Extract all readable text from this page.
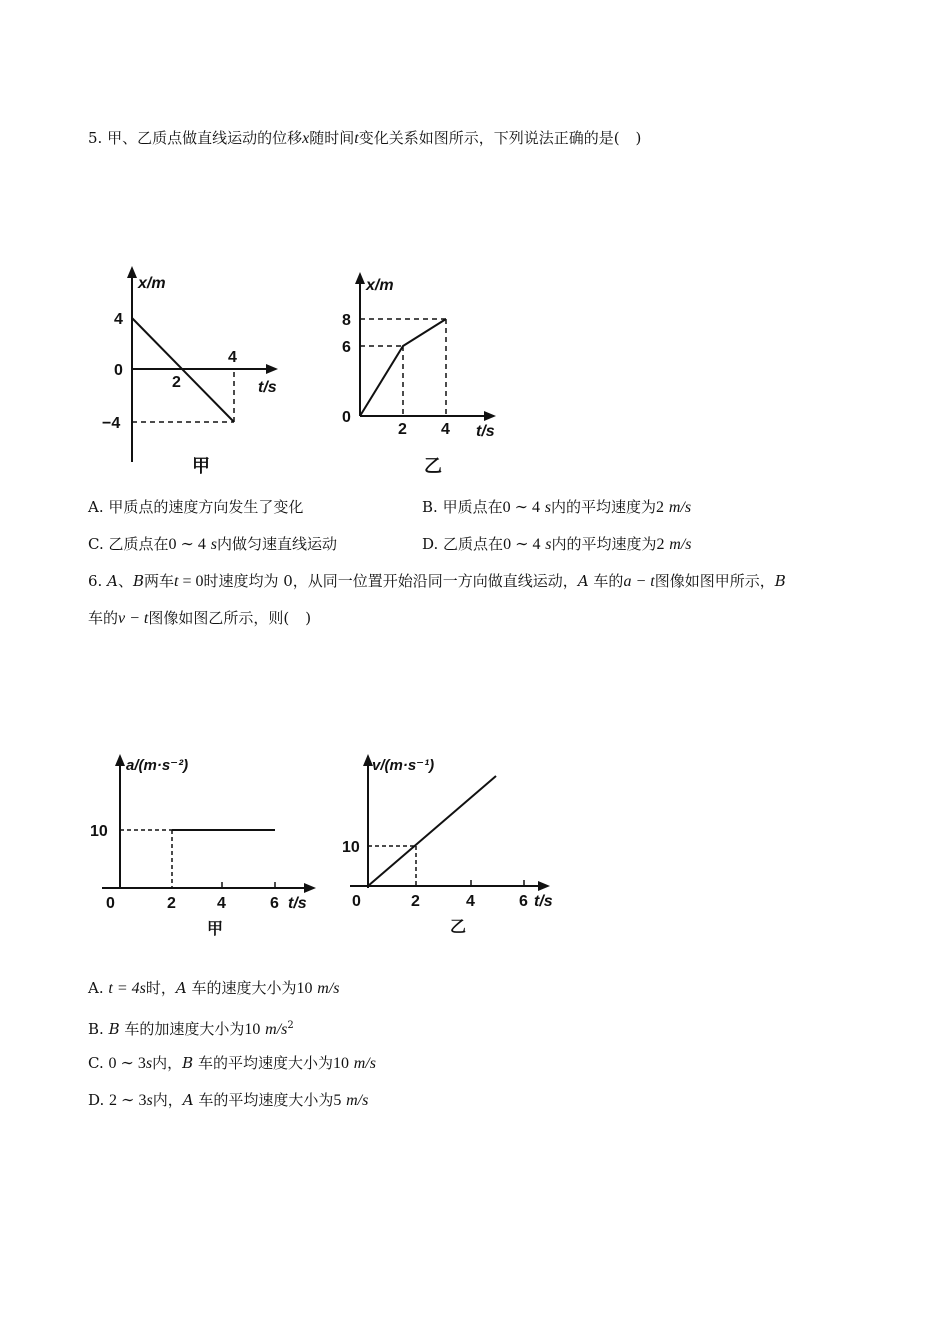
5. 甲、乙质点做直线运动的位移x随时间t变化关系如图所示，下列说法正确的是( )
x/m
4
0
−4
2
4
t/s
甲
x/m
8
6
0
2 4 t/s
乙
A. 甲质点的速度方向发生了变化	B. 甲质点在0 ∼ 4 s内的平均速度为2 m/s
C. 乙质点在0 ∼ 4 s内做匀速直线运动	D. 乙质点在0 ∼ 4 s内的平均速度为2 m/s
6. A、B两车t = 0时速度均为 0，从同一位置开始沿同一方向做直线运动，A 车的a − t图像如图甲所示，B
车的v − t图像如图乙所示，则( )
a/(m·s⁻²)
10
0	2	4	6 t/s
甲
v/(m·s⁻¹)
10
0	2	4	6 t/s
乙
A. t = 4s时，A 车的速度大小为10 m/s
B. B 车的加速度大小为10 $m/s^2$
C. 0 ∼ 3s内，B 车的平均速度大小为10 m/s
D. 2 ∼ 3s内，A 车的平均速度大小为5 m/s
